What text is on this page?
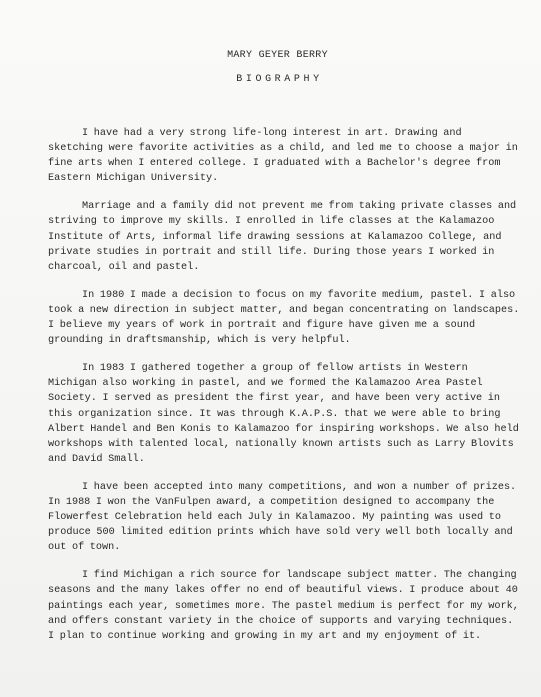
MARY GEYER BERRY
BIOGRAPHY

I have had a very strong life-long interest in art. Drawing and sketching were favorite activities as a child, and led me to choose a major in fine arts when I entered college. I graduated with a Bachelor's degree from Eastern Michigan University.

Marriage and a family did not prevent me from taking private classes and striving to improve my skills. I enrolled in life classes at the Kalamazoo Institute of Arts, informal life drawing sessions at Kalamazoo College, and private studies in portrait and still life. During those years I worked in charcoal, oil and pastel.

In 1980 I made a decision to focus on my favorite medium, pastel. I also took a new direction in subject matter, and began concentrating on landscapes. I believe my years of work in portrait and figure have given me a sound grounding in draftsmanship, which is very helpful.

In 1983 I gathered together a group of fellow artists in Western Michigan also working in pastel, and we formed the Kalamazoo Area Pastel Society. I served as president the first year, and have been very active in this organization since. It was through K.A.P.S. that we were able to bring Albert Handel and Ben Konis to Kalamazoo for inspiring workshops. We also held workshops with talented local, nationally known artists such as Larry Blovits and David Small.

I have been accepted into many competitions, and won a number of prizes. In 1988 I won the VanFulpen award, a competition designed to accompany the Flowerfest Celebration held each July in Kalamazoo. My painting was used to produce 500 limited edition prints which have sold very well both locally and out of town.

I find Michigan a rich source for landscape subject matter. The changing seasons and the many lakes offer no end of beautiful views. I produce about 40 paintings each year, sometimes more. The pastel medium is perfect for my work, and offers constant variety in the choice of supports and varying techniques. I plan to continue working and growing in my art and my enjoyment of it.
